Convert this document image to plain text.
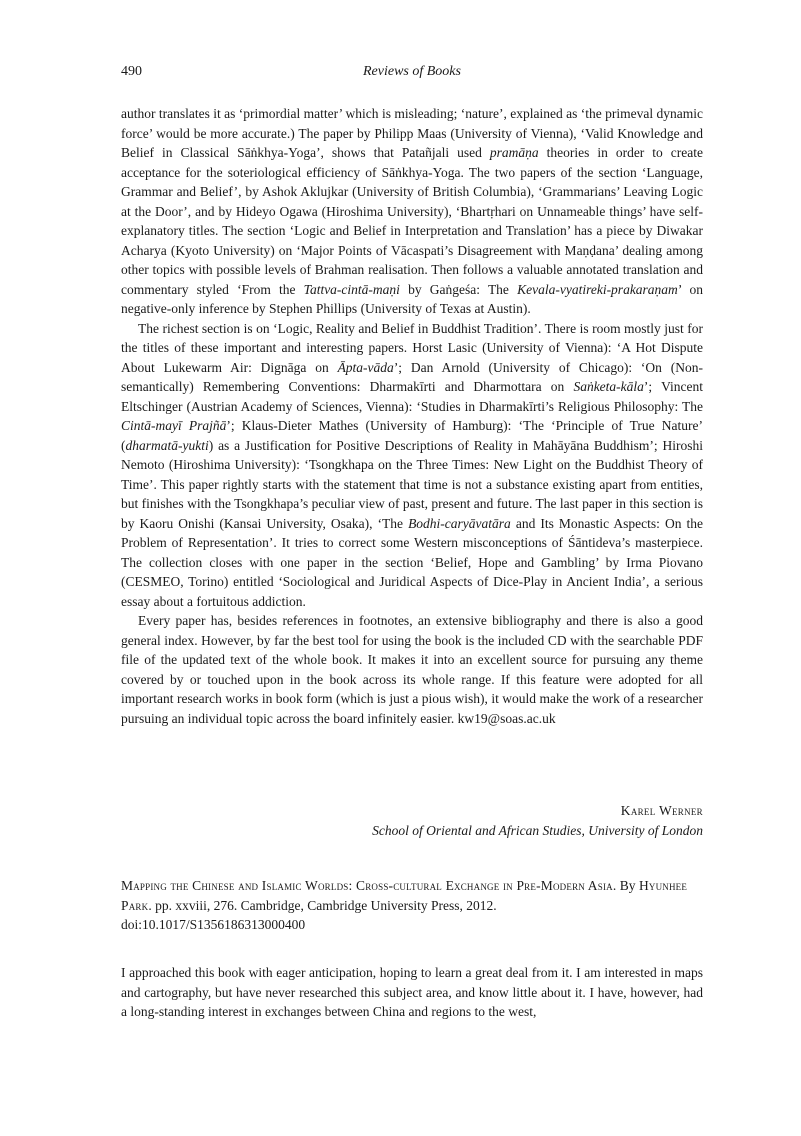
490	Reviews of Books

author translates it as ‘primordial matter’ which is misleading; ‘nature’, explained as ‘the primeval dynamic force’ would be more accurate.) The paper by Philipp Maas (University of Vienna), ‘Valid Knowledge and Belief in Classical Sāṅkhya-Yoga’, shows that Patañjali used pramāṇa theories in order to create acceptance for the soteriological efficiency of Sāṅkhya-Yoga. The two papers of the section ‘Language, Grammar and Belief’, by Ashok Aklujkar (University of British Columbia), ‘Grammarians’ Leaving Logic at the Door’, and by Hideyo Ogawa (Hiroshima University), ‘Bhartṛhari on Unnameable things’ have self-explanatory titles. The section ‘Logic and Belief in Interpretation and Translation’ has a piece by Diwakar Acharya (Kyoto University) on ‘Major Points of Vācaspati’s Disagreement with Maṇḍana’ dealing among other topics with possible levels of Brahman realisation. Then follows a valuable annotated translation and commentary styled ‘From the Tattva-cintā-maṇi by Gaṅgeśa: The Kevala-vyatireki-prakaraṇam’ on negative-only inference by Stephen Phillips (University of Texas at Austin).

The richest section is on ‘Logic, Reality and Belief in Buddhist Tradition’. There is room mostly just for the titles of these important and interesting papers. Horst Lasic (University of Vienna): ‘A Hot Dispute About Lukewarm Air: Dignāga on Āpta-vāda’; Dan Arnold (University of Chicago): ‘On (Non-semantically) Remembering Conventions: Dharmakīrti and Dharmottara on Saṅketa-kāla’; Vincent Eltschinger (Austrian Academy of Sciences, Vienna): ‘Studies in Dharmakīrti’s Religious Philosophy: The Cintā-mayī Prajñā’; Klaus-Dieter Mathes (University of Hamburg): ‘The ‘Principle of True Nature’ (dharmatā-yukti) as a Justification for Positive Descriptions of Reality in Mahāyāna Buddhism’; Hiroshi Nemoto (Hiroshima University): ‘Tsongkhapa on the Three Times: New Light on the Buddhist Theory of Time’. This paper rightly starts with the statement that time is not a substance existing apart from entities, but finishes with the Tsongkhapa’s peculiar view of past, present and future. The last paper in this section is by Kaoru Onishi (Kansai University, Osaka), ‘The Bodhi-caryāvatāra and Its Monastic Aspects: On the Problem of Representation’. It tries to correct some Western misconceptions of Śāntideva’s masterpiece. The collection closes with one paper in the section ‘Belief, Hope and Gambling’ by Irma Piovano (CESMEO, Torino) entitled ‘Sociological and Juridical Aspects of Dice-Play in Ancient India’, a serious essay about a fortuitous addiction.

Every paper has, besides references in footnotes, an extensive bibliography and there is also a good general index. However, by far the best tool for using the book is the included CD with the searchable PDF file of the updated text of the whole book. It makes it into an excellent source for pursuing any theme covered by or touched upon in the book across its whole range. If this feature were adopted for all important research works in book form (which is just a pious wish), it would make the work of a researcher pursuing an individual topic across the board infinitely easier. kw19@soas.ac.uk

Karel Werner
School of Oriental and African Studies, University of London
Mapping the Chinese and Islamic Worlds: Cross-cultural Exchange in Pre-Modern Asia. By Hyunhee Park. pp. xxviii, 276. Cambridge, Cambridge University Press, 2012.
doi:10.1017/S1356186313000400

I approached this book with eager anticipation, hoping to learn a great deal from it. I am interested in maps and cartography, but have never researched this subject area, and know little about it. I have, however, had a long-standing interest in exchanges between China and regions to the west,
